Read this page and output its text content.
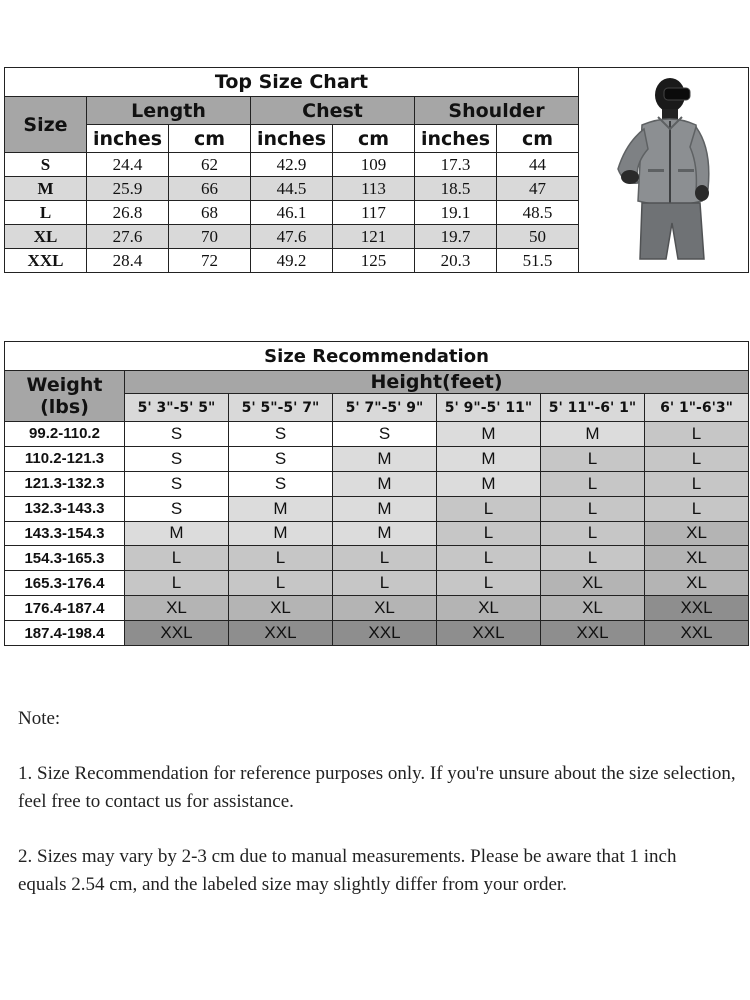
Top Size Chart	
Size	Length		Chest		Shoulder		
	inches	cm	inches	cm	inches	cm	
S	24.4	62	42.9	109	17.3	44	
M	25.9	66	44.5	113	18.5	47	
L	26.8	68	46.1	117	19.1	48.5	
XL	27.6	70	47.6	121	19.7	50	
XXL	28.4	72	49.2	125	20.3	51.5	
Size Recommendation						

Weight
(lbs)	Height(feet)					
	5' 3"-5' 5"	5' 5"-5' 7"	5' 7"-5' 9"	5' 9"-5' 11"	5' 11"-6' 1"	6' 1"-6'3"
99.2-110.2	S	S	S	M	M	L
110.2-121.3	S	S	M	M	L	L
121.3-132.3	S	S	M	M	L	L
132.3-143.3	S	M	M	L	L	L
143.3-154.3	M	M	M	L	L	XL
154.3-165.3	L	L	L	L	L	XL
165.3-176.4	L	L	L	L	XL	XL
176.4-187.4	XL	XL	XL	XL	XL	XXL
187.4-198.4	XXL	XXL	XXL	XXL	XXL	XXL
Note:
1. Size Recommendation for reference purposes only. If you're unsure about the size selection, feel free to contact us for assistance.
2. Sizes may vary by 2-3 cm due to manual measurements. Please be aware that 1 inch equals 2.54 cm, and the labeled size may slightly differ from your order.
